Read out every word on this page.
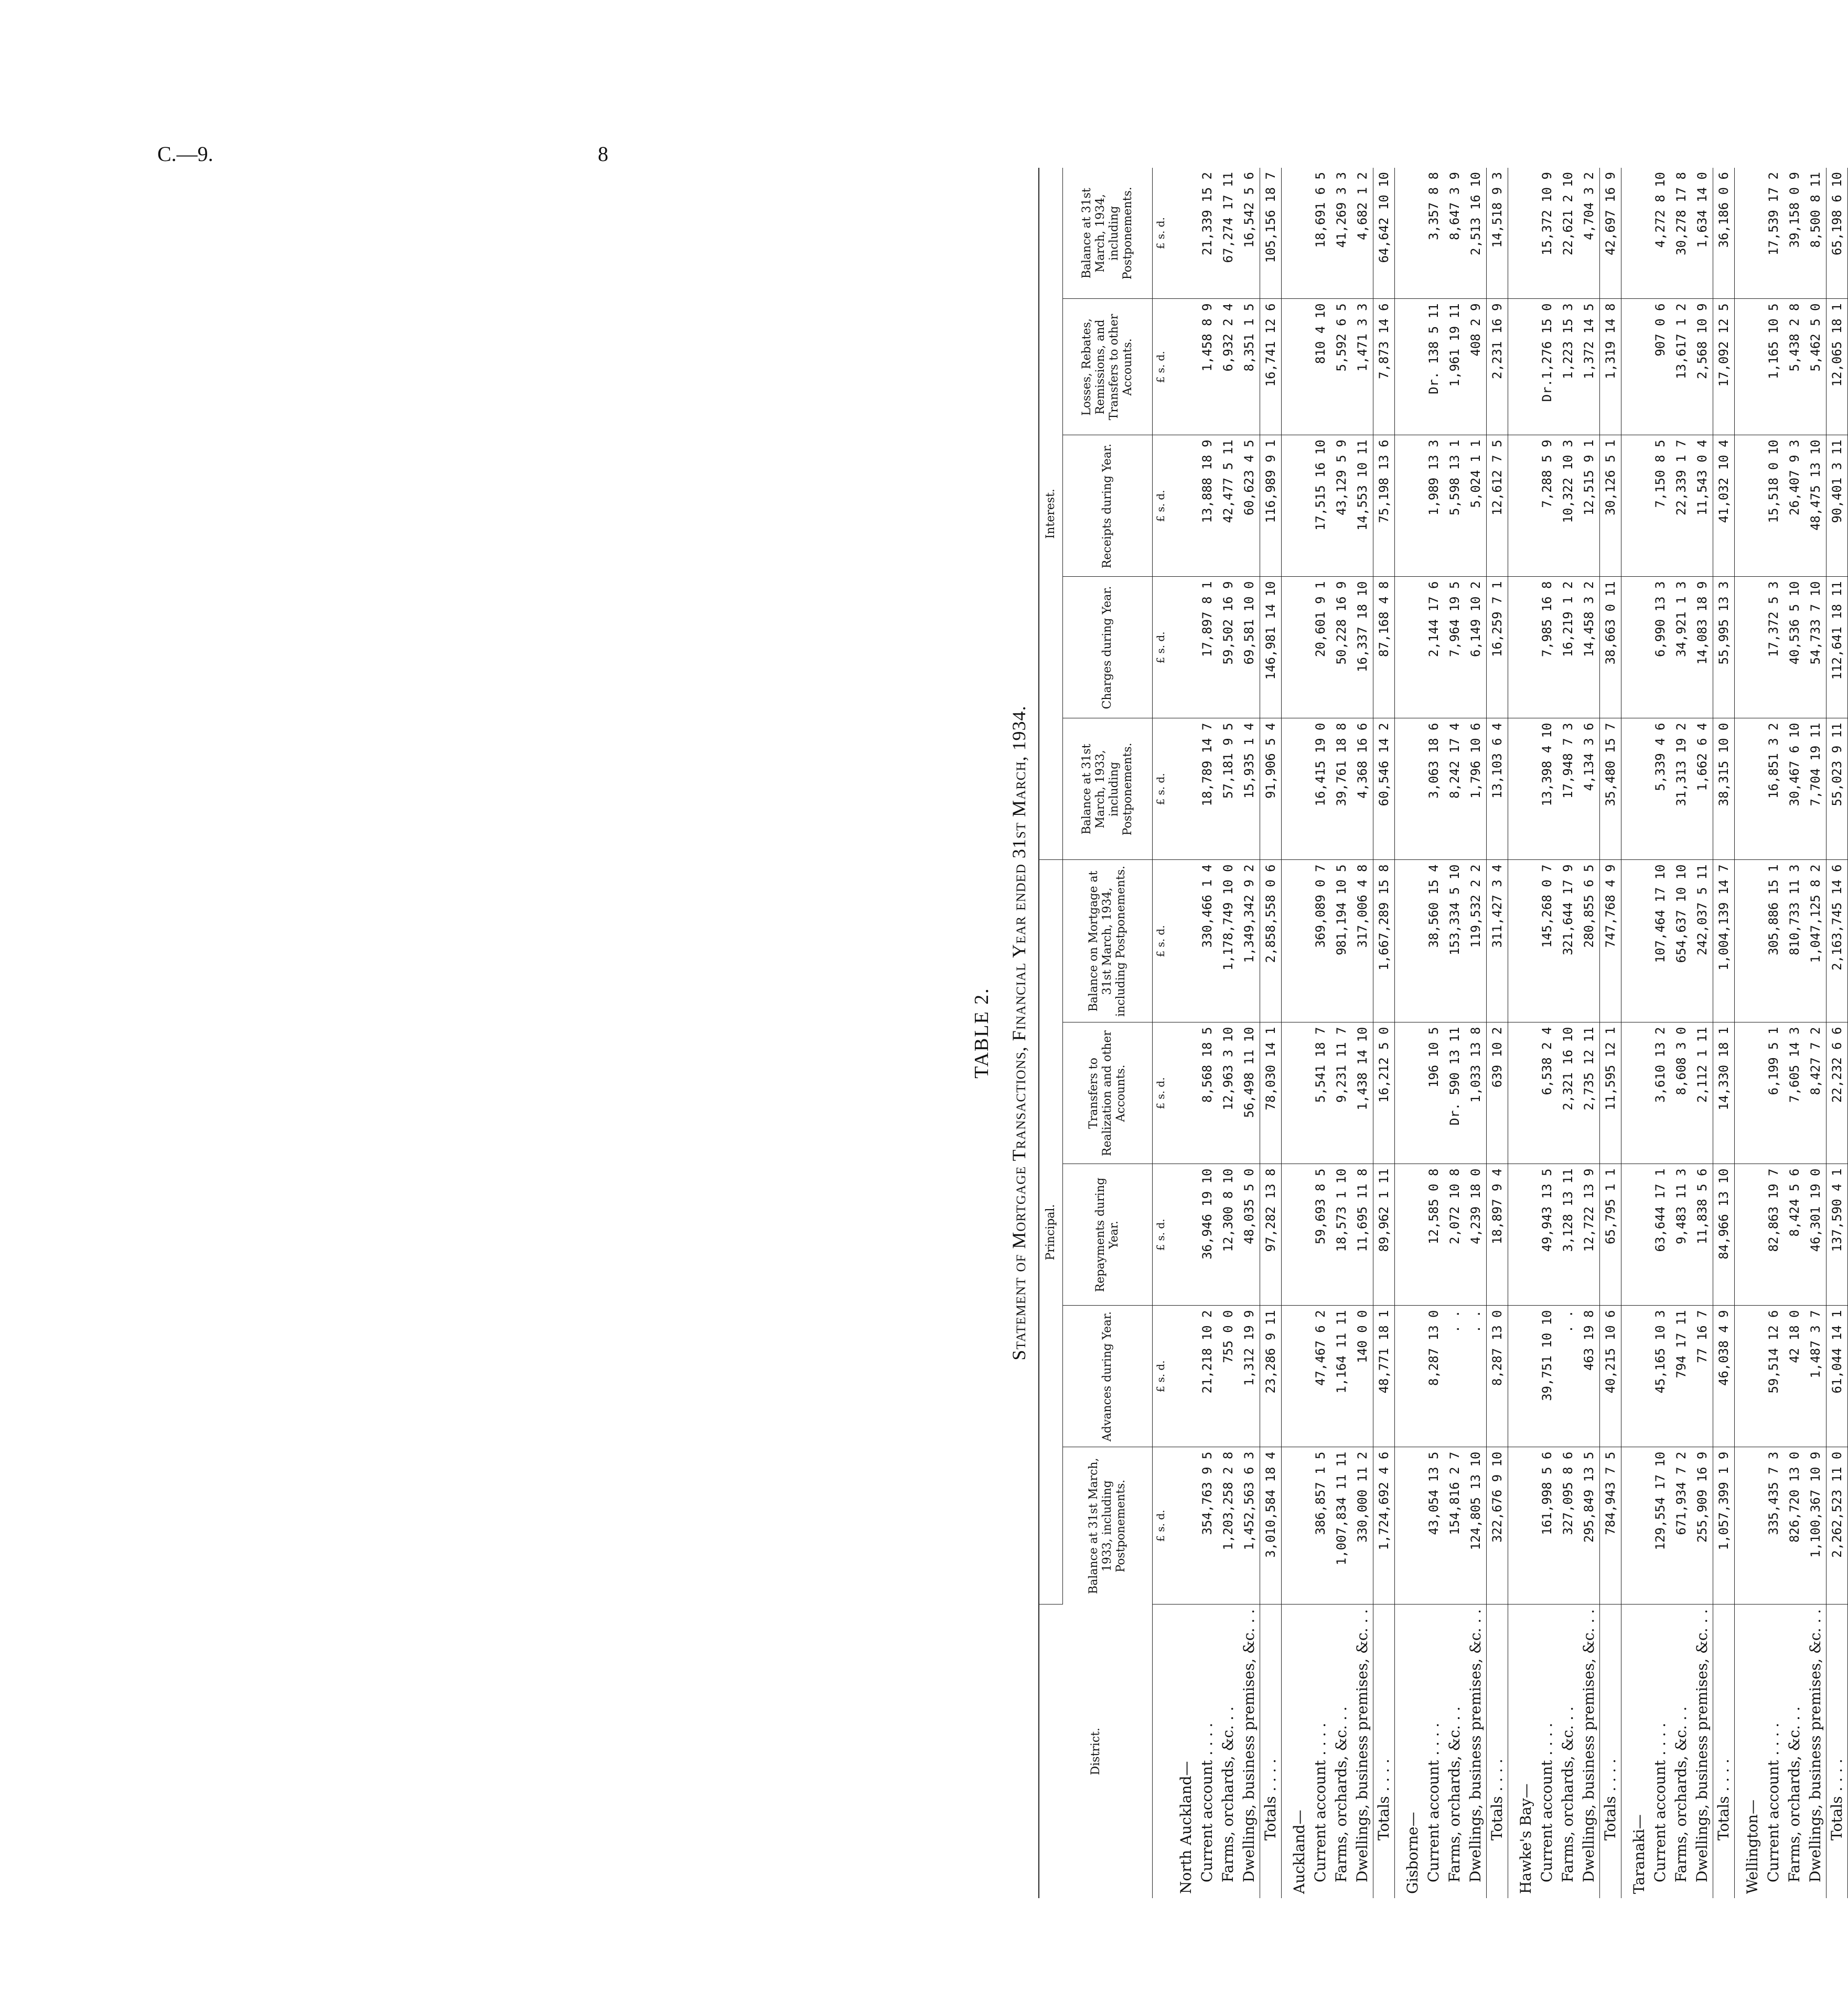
C.—9.	8
TABLE 2. Statement of Mortgage Transactions, Financial Year ended 31st March, 1934.
District.	Principal.					Interest.				
	Balance at 31st March, 1933, including Postponements.	Advances during Year.	Repayments during Year.	Transfers to Realization and other Accounts.	Balance on Mortgage at 31st March, 1934, including Postponements.	Balance at 31st March, 1933, including Postponements.	Charges during Year.	Receipts during Year.	Losses, Rebates, Remissions, and Transfers to other Accounts.	Balance at 31st March, 1934, including Postponements.
	£ s. d.	£ s. d.	£ s. d.	£ s. d.	£ s. d.	£ s. d.	£ s. d.	£ s. d.	£ s. d.	£ s. d.
North Auckland—										
Current account . . . .	354,763 9 5	21,218 10 2	36,946 19 10	8,568 18 5	330,466 1 4	18,789 14 7	17,897 8 1	13,888 18 9	1,458 8 9	21,339 15 2
Farms, orchards, &c. . .	1,203,258 2 8	755 0 0	12,300 8 10	12,963 3 10	1,178,749 10 0	57,181 9 5	59,502 16 9	42,477 5 11	6,932 2 4	67,274 17 11
Dwellings, business premises, &c. . .	1,452,563 6 3	1,312 19 9	48,035 5 0	56,498 11 10	1,349,342 9 2	15,935 1 4	69,581 10 0	60,623 4 5	8,351 1 5	16,542 5 6
Totals . . . .	3,010,584 18 4	23,286 9 11	97,282 13 8	78,030 14 1	2,858,558 0 6	91,906 5 4	146,981 14 10	116,989 9 1	16,741 12 6	105,156 18 7
Auckland—										
Current account . . . .	386,857 1 5	47,467 6 2	59,693 8 5	5,541 18 7	369,089 0 7	16,415 19 0	20,601 9 1	17,515 16 10	810 4 10	18,691 6 5
Farms, orchards, &c. . .	1,007,834 11 11	1,164 11 11	18,573 1 10	9,231 11 7	981,194 10 5	39,761 18 8	50,228 16 9	43,129 5 9	5,592 6 5	41,269 3 3
Dwellings, business premises, &c. . .	330,000 11 2	140 0 0	11,695 11 8	1,438 14 10	317,006 4 8	4,368 16 6	16,337 18 10	14,553 10 11	1,471 3 3	4,682 1 2
Totals . . . .	1,724,692 4 6	48,771 18 1	89,962 1 11	16,212 5 0	1,667,289 15 8	60,546 14 2	87,168 4 8	75,198 13 6	7,873 14 6	64,642 10 10
Gisborne—										
Current account . . . .	43,054 13 5	8,287 13 0	12,585 0 8	196 10 5	38,560 15 4	3,063 18 6	2,144 17 6	1,989 13 3	Dr. 138 5 11	3,357 8 8
Farms, orchards, &c. . .	154,816 2 7	. .	2,072 10 8	Dr. 590 13 11	153,334 5 10	8,242 17 4	7,964 19 5	5,598 13 1	1,961 19 11	8,647 3 9
Dwellings, business premises, &c. . .	124,805 13 10	. .	4,239 18 0	1,033 13 8	119,532 2 2	1,796 10 6	6,149 10 2	5,024 1 1	408 2 9	2,513 16 10
Totals . . . .	322,676 9 10	8,287 13 0	18,897 9 4	639 10 2	311,427 3 4	13,103 6 4	16,259 7 1	12,612 7 5	2,231 16 9	14,518 9 3
Hawke's Bay—										
Current account . . . .	161,998 5 6	39,751 10 10	49,943 13 5	6,538 2 4	145,268 0 7	13,398 4 10	7,985 16 8	7,288 5 9	Dr.1,276 15 0	15,372 10 9
Farms, orchards, &c. . .	327,095 8 6	. .	3,128 13 11	2,321 16 10	321,644 17 9	17,948 7 3	16,219 1 2	10,322 10 3	1,223 15 3	22,621 2 10
Dwellings, business premises, &c. . .	295,849 13 5	463 19 8	12,722 13 9	2,735 12 11	280,855 6 5	4,134 3 6	14,458 3 2	12,515 9 1	1,372 14 5	4,704 3 2
Totals . . . .	784,943 7 5	40,215 10 6	65,795 1 1	11,595 12 1	747,768 4 9	35,480 15 7	38,663 0 11	30,126 5 1	1,319 14 8	42,697 16 9
Taranaki—										
Current account . . . .	129,554 17 10	45,165 10 3	63,644 17 1	3,610 13 2	107,464 17 10	5,339 4 6	6,990 13 3	7,150 8 5	907 0 6	4,272 8 10
Farms, orchards, &c. . .	671,934 7 2	794 17 11	9,483 11 3	8,608 3 0	654,637 10 10	31,313 19 2	34,921 1 3	22,339 1 7	13,617 1 2	30,278 17 8
Dwellings, business premises, &c. . .	255,909 16 9	77 16 7	11,838 5 6	2,112 1 11	242,037 5 11	1,662 6 4	14,083 18 9	11,543 0 4	2,568 10 9	1,634 14 0
Totals . . . .	1,057,399 1 9	46,038 4 9	84,966 13 10	14,330 18 1	1,004,139 14 7	38,315 10 0	55,995 13 3	41,032 10 4	17,092 12 5	36,186 0 6
Wellington—										
Current account . . . .	335,435 7 3	59,514 12 6	82,863 19 7	6,199 5 1	305,886 15 1	16,851 3 2	17,372 5 3	15,518 0 10	1,165 10 5	17,539 17 2
Farms, orchards, &c. . .	826,720 13 0	42 18 0	8,424 5 6	7,605 14 3	810,733 11 3	30,467 6 10	40,536 5 10	26,407 9 3	5,438 2 8	39,158 0 9
Dwellings, business premises, &c. . .	1,100,367 10 9	1,487 3 7	46,301 19 0	8,427 7 2	1,047,125 8 2	7,704 19 11	54,733 7 10	48,475 13 10	5,462 5 0	8,500 8 11
Totals . . . .	2,262,523 11 0	61,044 14 1	137,590 4 1	22,232 6 6	2,163,745 14 6	55,023 9 11	112,641 18 11	90,401 3 11	12,065 18 1	65,198 6 10
